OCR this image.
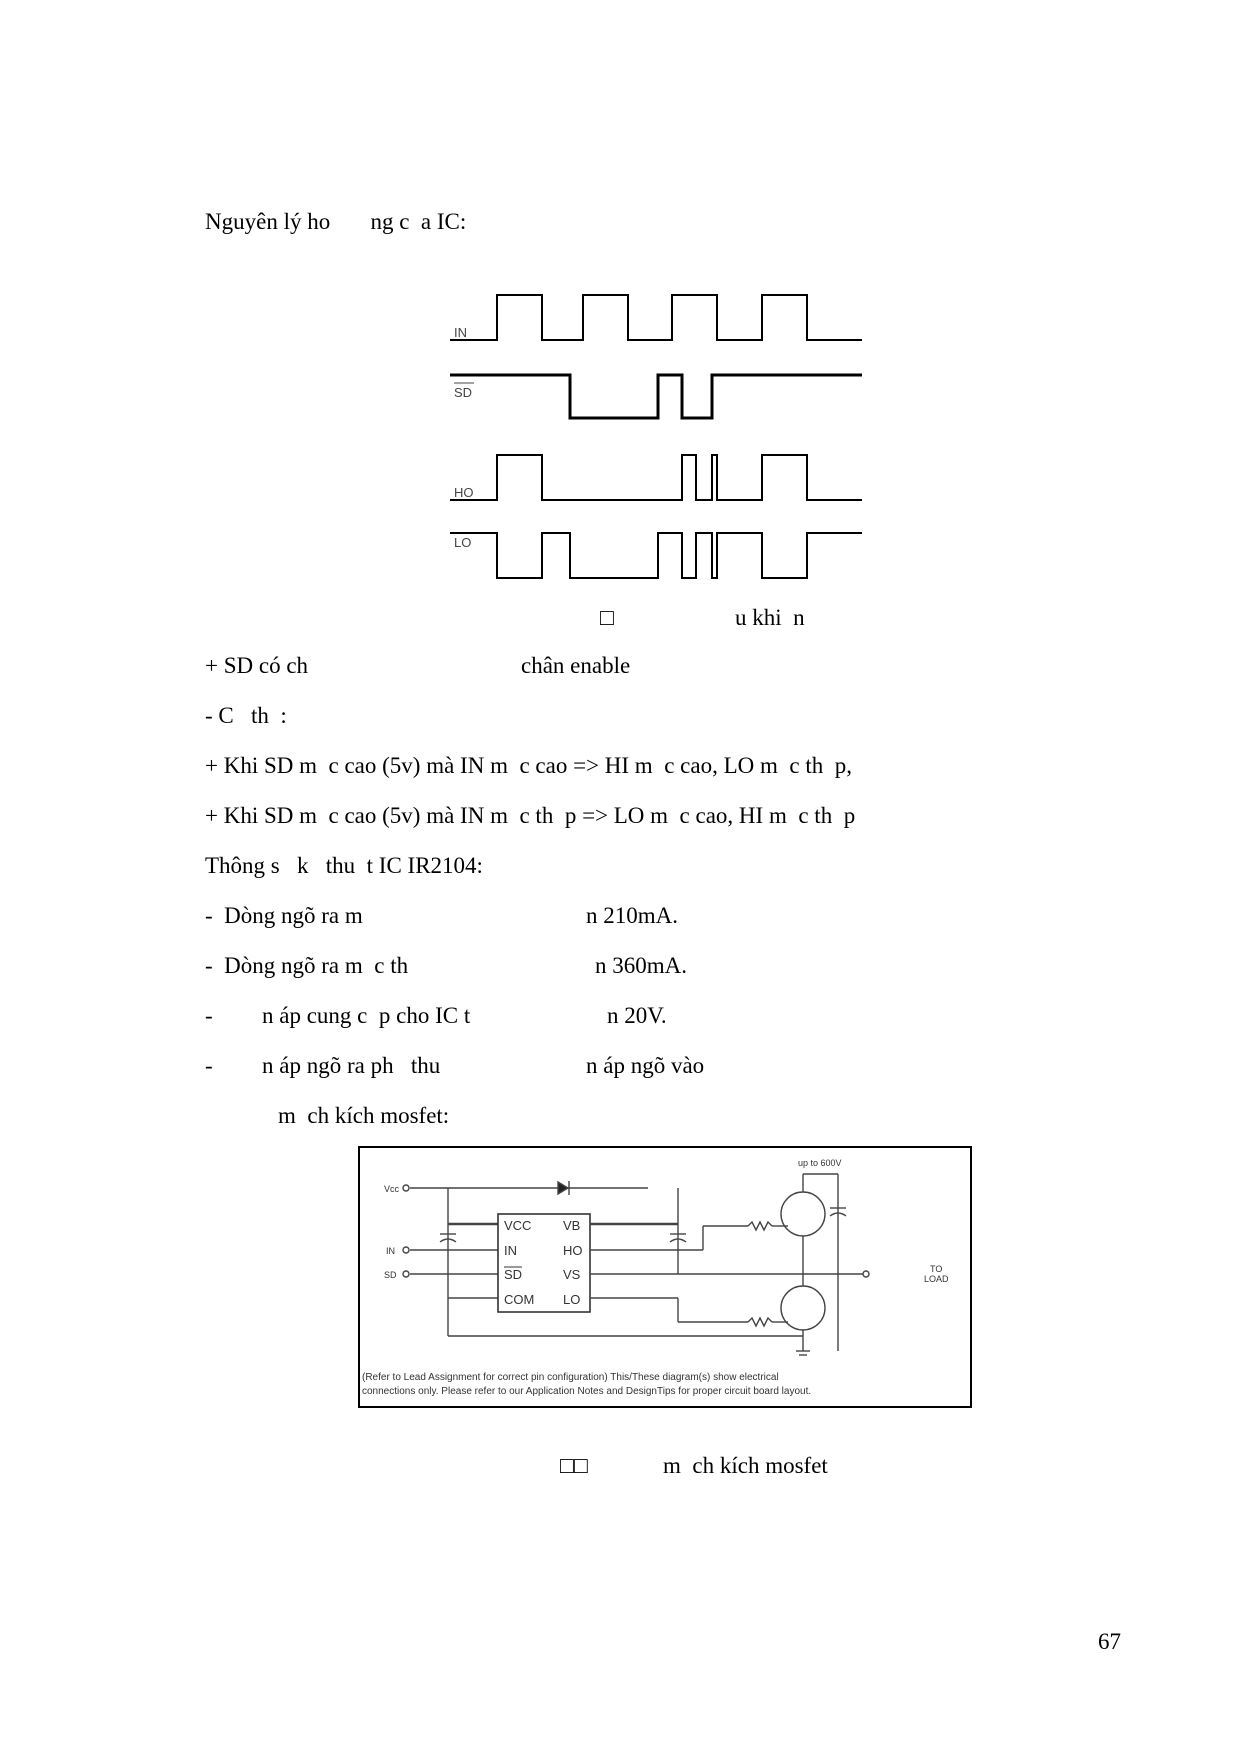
Nguyên lý ho       ng c  a IC:
IN
SD
HO
LO
□	u khi  n
+ SD có ch	chân enable
- C   th  :
+ Khi SD m  c cao (5v) mà IN m  c cao => HI m  c cao, LO m  c th  p,
+ Khi SD m  c cao (5v) mà IN m  c th  p => LO m  c cao, HI m  c th  p
Thông s   k   thu  t IC IR2104:
-  Dòng ngõ ra m	n 210mA.
-  Dòng ngõ ra m  c th	n 360mA.
- n áp cung c  p cho IC t	n 20V.
- n áp ngõ ra ph   thu	n áp ngõ vào
m  ch kích mosfet:
Vcc
IN
SD
VCC
IN
SD
COM
VB
HO
VS
LO
up to 600V
TO
LOAD
(Refer to Lead Assignment for correct pin configuration) This/These diagram(s) show electrical
connections only. Please refer to our Application Notes and DesignTips for proper circuit board layout.
□□	m  ch kích mosfet
67
